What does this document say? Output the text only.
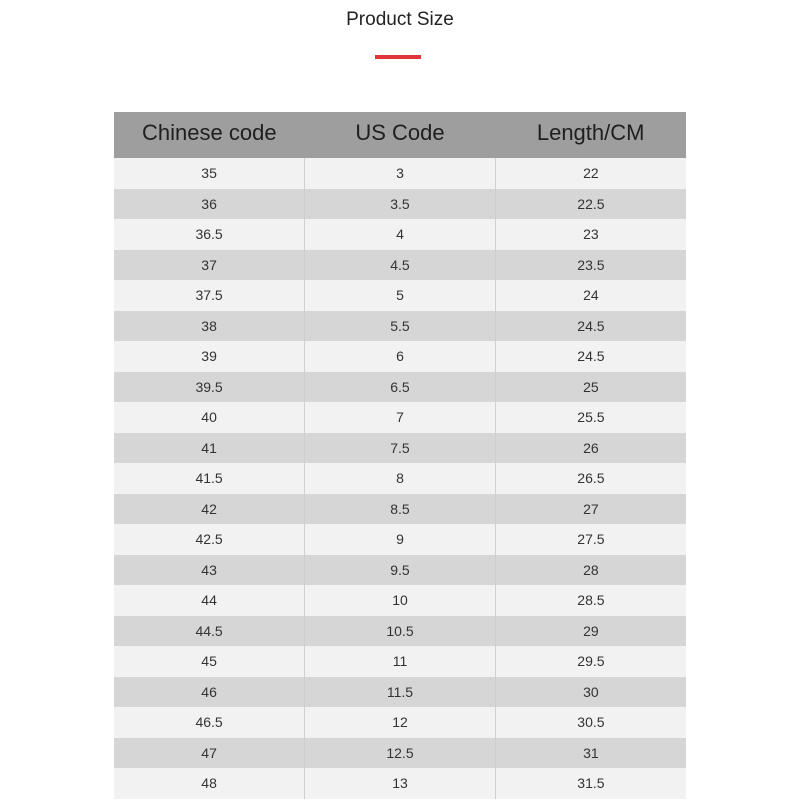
Product Size
Chinese code	US Code	Length/CM
35	3	22
36	3.5	22.5
36.5	4	23
37	4.5	23.5
37.5	5	24
38	5.5	24.5
39	6	24.5
39.5	6.5	25
40	7	25.5
41	7.5	26
41.5	8	26.5
42	8.5	27
42.5	9	27.5
43	9.5	28
44	10	28.5
44.5	10.5	29
45	11	29.5
46	11.5	30
46.5	12	30.5
47	12.5	31
48	13	31.5
